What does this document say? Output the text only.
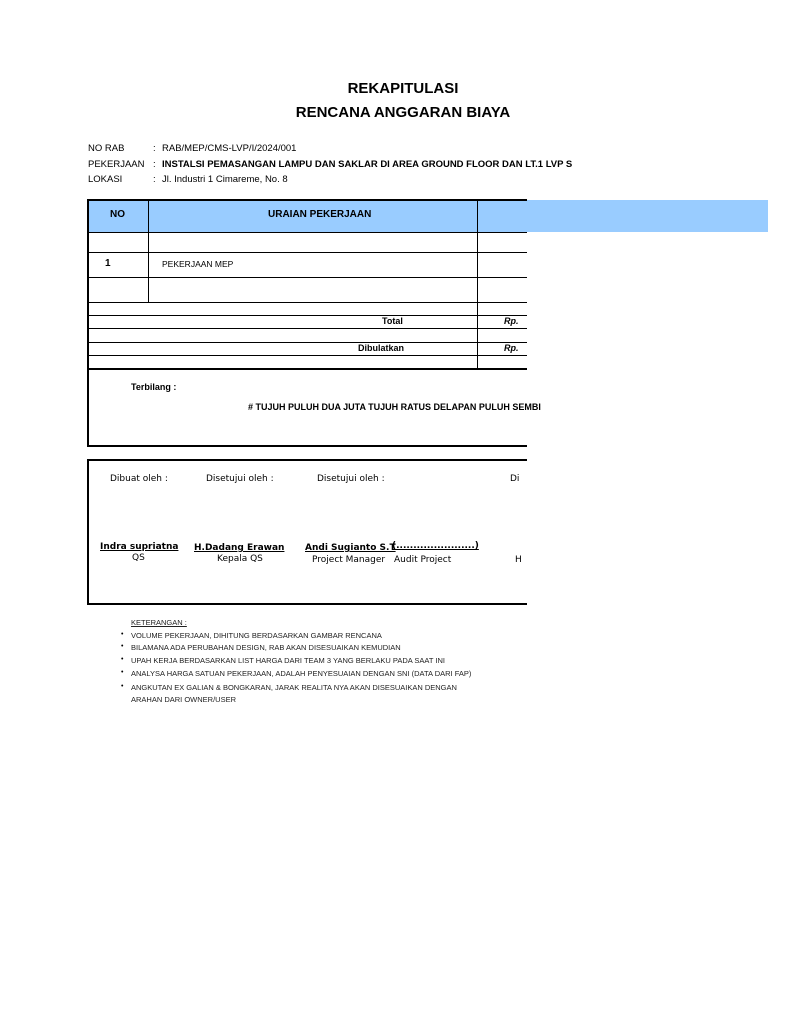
REKAPITULASI
RENCANA ANGGARAN BIAYA
NO RAB	: RAB/MEP/CMS-LVP/I/2024/001
PEKERJAAN : INSTALSI PEMASANGAN LAMPU DAN SAKLAR DI AREA GROUND FLOOR DAN LT.1 LVP S
LOKASI	: Jl. Industri 1 Cimareme, No. 8
NO	URAIAN PEKERJAAN
1	PEKERJAAN MEP
Total	Rp.
Dibulatkan	Rp.
Terbilang :
# TUJUH PULUH DUA JUTA TUJUH RATUS DELAPAN PULUH SEMBI
Dibuat oleh :	Disetujui oleh :	Disetujui oleh :	Di
Indra supriatna
QS
H.Dadang Erawan
Kepala QS
Andi Sugianto S.T
Project Manager
(.......................)
Audit Project	H
KETERANGAN :
• VOLUME PEKERJAAN, DIHITUNG BERDASARKAN GAMBAR RENCANA
• BILAMANA ADA PERUBAHAN DESIGN, RAB AKAN DISESUAIKAN KEMUDIAN
• UPAH KERJA BERDASARKAN LIST HARGA DARI TEAM 3 YANG BERLAKU PADA SAAT INI
• ANALYSA HARGA SATUAN PEKERJAAN, ADALAH PENYESUAIAN DENGAN SNI (DATA DARI FAP)
• ANGKUTAN EX GALIAN & BONGKARAN, JARAK REALITA NYA AKAN DISESUAIKAN DENGAN
ARAHAN DARI OWNER/USER
